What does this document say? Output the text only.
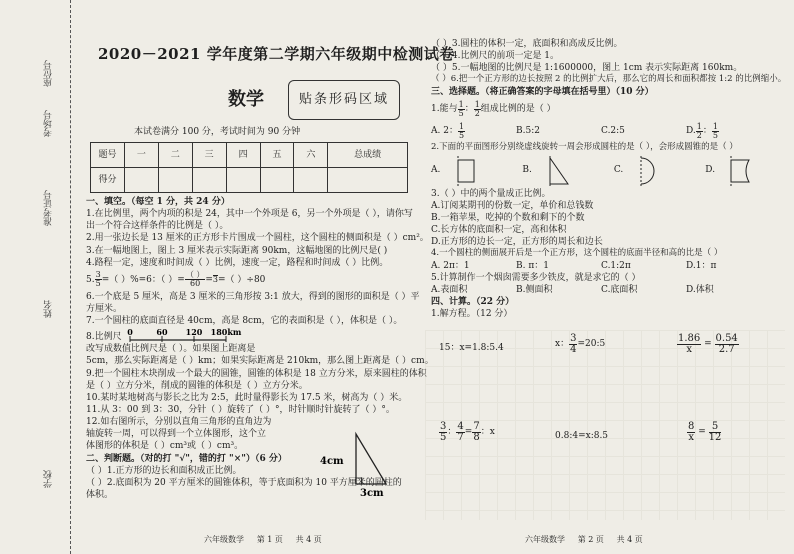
学校
姓名
准考证号
考场号
座位号
2020－2021 学年度第二学期六年级期中检测试卷
数学	贴条形码区域
本试卷满分 100 分，考试时间为 90 分钟
题号	一	二	三	四	五	六	总成绩
得分							
一、填空。（每空 1 分，共 24 分）
1.在比例里，两个内项的积是 24，其中一个外项是 6，另一个外项是（ ），请你写
出一个符合这样条件的比例是（ ）。
2.用一张边长是 13 厘米的正方形卡片围成一个圆柱，这个圆柱的侧面积是（ ）cm²。
3.在一幅地图上，图上 3 厘米表示实际距离 90km，这幅地图的比例尺是( )
4.路程一定，速度和时间成（ ）比例，速度一定，路程和时间成（ ）比例。
5. $\frac{3}{5}$ =（ ）%=6：（ ）= $\frac{( )}{60} = 3$ =（ ）÷80
6.一个底是 5 厘米，高是 3 厘米的三角形按 3:1 放大，得到的图形的面积是（ ）平
方厘米。
7.一个圆柱的底面直径是 40cm，高是 8cm，它的表面积是（ ），体积是（ ）。
8.比例尺 0	60 120 180km
改写成数值比例尺是（ ）。如果图上距离是
5cm，那么实际距离是（ ）km；如果实际距离是 210km，那么图上距离是（ ）cm。
9.把一个圆柱木块削成一个最大的圆锥，圆锥的体积是 18 立方分米，原来圆柱的体积
是（ ）立方分米，削成的圆锥的体积是（ ）立方分米。
10.某时某地树高与影长之比为 2:5，此时量得影长为 17.5 米，树高为（ ）米。
11.从 3：00 到 3：30，分针（ ）旋转了（ ）°，时针顺时针旋转了（ ）°。
12.如右图所示，分别以直角三角形的直角边为
轴旋转一周，可以得到一个立体图形，这个立
体图形的体积是（ ）cm³或（ ）cm³。
二、判断题。（对的打 "√"，错的打 "×"）（6 分）
（ ）1.正方形的边长和面积成正比例。
（ ）2.底面积为 20 平方厘米的圆锥体积，等于底面积为 10 平方厘米的圆柱的
体积。
4cm
3cm
六年级数学 第 1 页 共 4 页
（ ）3.圆柱的体积一定，底面积和高成反比例。
（ ）4.比例尺的前项一定是 1。
（ ）5.一幅地图的比例尺是 1:1600000，图上 1cm 表示实际距离 160km。
（ ）6.把一个正方形的边长按照 2 的比例扩大后，那么它的周长和面积都按 1:2 的比例缩小。
三、选择题。（将正确答案的字母填在括号里）（10 分）
1.能与 $\frac{1}{5}$ ： $\frac{1}{2}$ 组成比例的是（ ）
A. 2： $\frac{1}{5}$	B.5:2	C.2:5	D. $\frac{1}{2}$ ： $\frac{1}{5}$
2.下面的平面图形分别绕虚线旋转一周会形成圆柱的是（ ），会形成圆锥的是（ ）
A.	B.	C.	D.
3.（ ）中的两个量成正比例。
A.订阅某期刊的份数一定，单价和总钱数
B.一箱苹果，吃掉的个数和剩下的个数
C.长方体的底面积一定，高和体积
D.正方形的边长一定，正方形的周长和边长
4.一个圆柱的侧面展开后是一个正方形，这个圆柱的底面半径和高的比是（ ）
A. 2π：1	B. π：1	C.1:2π	D.1：π
5.计算制作一个烟囱需要多少铁皮，就是求它的（ ）
A.表面积	B.侧面积	C.底面积	D.体积
四、计算。（22 分）
1.解方程。（12 分）
15：x=1.8:5.4	x： $\frac{3}{4}$ =20:5	$\frac{1.86}{x} = \frac{0.54}{2.7}$
$\frac{3}{5}$ ： $\frac{4}{7} = \frac{7}{8}$ ：x	0.8:4=x:8.5	$\frac{8}{x} = \frac{5}{12}$
六年级数学 第 2 页 共 4 页
